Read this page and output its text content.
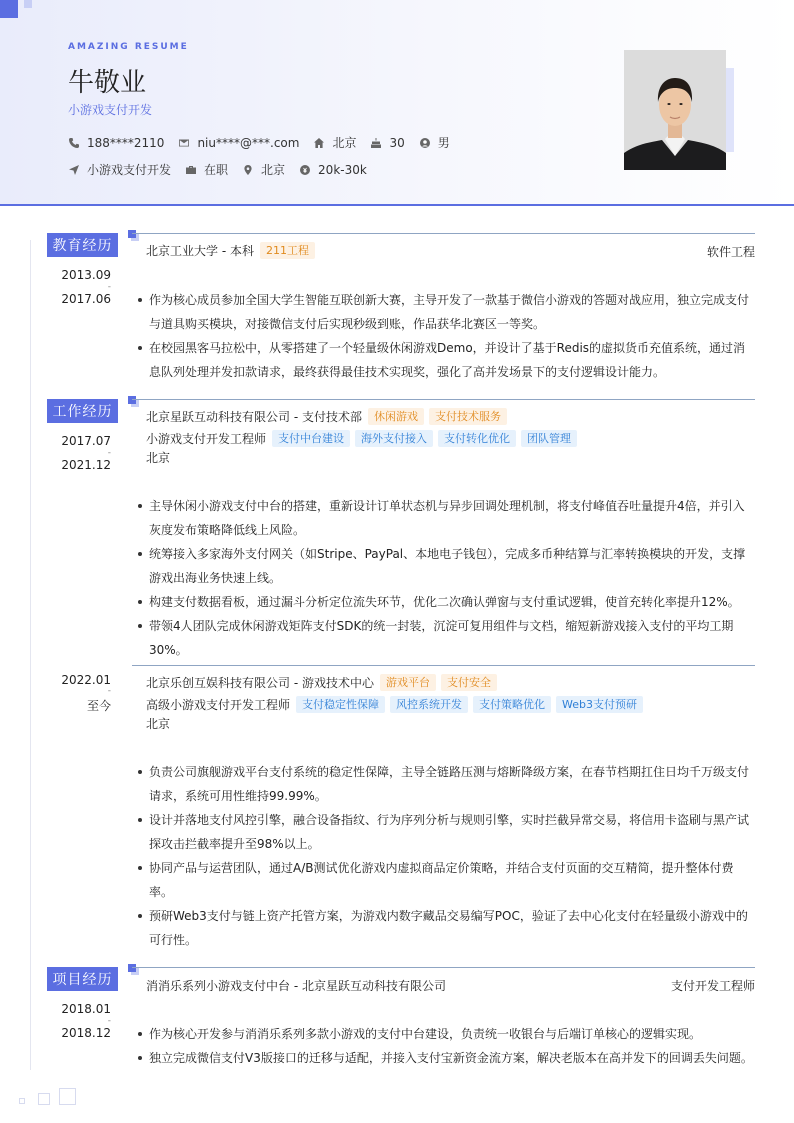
AMAZING RESUME
牛敬业
小游戏支付开发
188****2110	niu****@***.com	北京	30	男
小游戏支付开发	在职	北京	20k-30k
教育经历
2013.09
-
2017.06
北京工业大学 - 本科	211工程	软件工程
作为核心成员参加全国大学生智能互联创新大赛，主导开发了一款基于微信小游戏的答题对战应用，独立完成支付与道具购买模块，对接微信支付后实现秒级到账，作品获华北赛区一等奖。
在校园黑客马拉松中，从零搭建了一个轻量级休闲游戏Demo，并设计了基于Redis的虚拟货币充值系统，通过消息队列处理并发扣款请求，最终获得最佳技术实现奖，强化了高并发场景下的支付逻辑设计能力。
工作经历
2017.07
-
2021.12
北京星跃互动科技有限公司 - 支付技术部	休闲游戏	支付技术服务
小游戏支付开发工程师	支付中台建设	海外支付接入	支付转化优化	团队管理
北京
主导休闲小游戏支付中台的搭建，重新设计订单状态机与异步回调处理机制，将支付峰值吞吐量提升4倍，并引入灰度发布策略降低线上风险。
统筹接入多家海外支付网关（如Stripe、PayPal、本地电子钱包），完成多币种结算与汇率转换模块的开发，支撑游戏出海业务快速上线。
构建支付数据看板，通过漏斗分析定位流失环节，优化二次确认弹窗与支付重试逻辑，使首充转化率提升12%。
带领4人团队完成休闲游戏矩阵支付SDK的统一封装，沉淀可复用组件与文档，缩短新游戏接入支付的平均工期30%。
2022.01
-
至今
北京乐创互娱科技有限公司 - 游戏技术中心	游戏平台	支付安全
高级小游戏支付开发工程师	支付稳定性保障	风控系统开发	支付策略优化	Web3支付预研
北京
负责公司旗舰游戏平台支付系统的稳定性保障，主导全链路压测与熔断降级方案，在春节档期扛住日均千万级支付请求，系统可用性维持99.99%。
设计并落地支付风控引擎，融合设备指纹、行为序列分析与规则引擎，实时拦截异常交易，将信用卡盗刷与黑产试探攻击拦截率提升至98%以上。
协同产品与运营团队，通过A/B测试优化游戏内虚拟商品定价策略，并结合支付页面的交互精简，提升整体付费率。
预研Web3支付与链上资产托管方案，为游戏内数字藏品交易编写POC，验证了去中心化支付在轻量级小游戏中的可行性。
项目经历
2018.01
-
2018.12
消消乐系列小游戏支付中台 - 北京星跃互动科技有限公司	支付开发工程师
作为核心开发参与消消乐系列多款小游戏的支付中台建设，负责统一收银台与后端订单核心的逻辑实现。
独立完成微信支付V3版接口的迁移与适配，并接入支付宝新资金流方案，解决老版本在高并发下的回调丢失问题。
